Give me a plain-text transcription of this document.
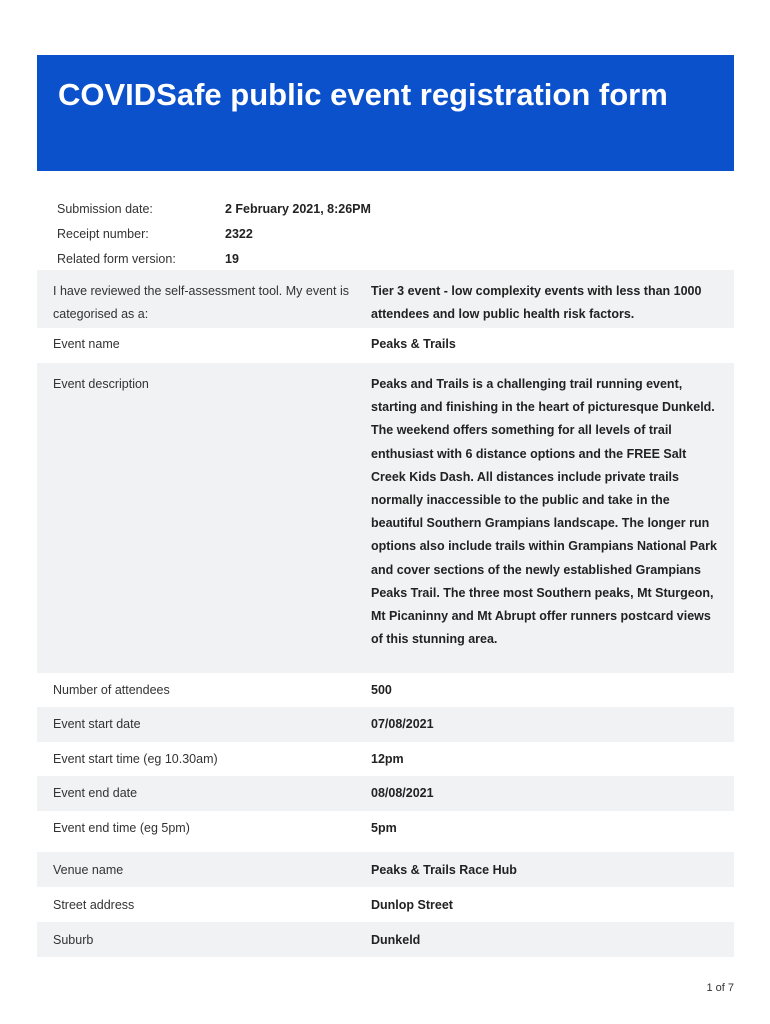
COVIDSafe public event registration form
Submission date:	2 February 2021, 8:26PM
Receipt number:	2322
Related form version:	19
I have reviewed the self-assessment tool. My event is categorised as a:
Tier 3 event - low complexity events with less than 1000 attendees and low public health risk factors.
Event name	Peaks & Trails
Event description	Peaks and Trails is a challenging trail running event, starting and finishing in the heart of picturesque Dunkeld. The weekend offers something for all levels of trail enthusiast with 6 distance options and the FREE Salt Creek Kids Dash. All distances include private trails normally inaccessible to the public and take in the beautiful Southern Grampians landscape. The longer run options also include trails within Grampians National Park and cover sections of the newly established Grampians Peaks Trail. The three most Southern peaks, Mt Sturgeon, Mt Picaninny and Mt Abrupt offer runners postcard views of this stunning area.
Number of attendees	500
Event start date	07/08/2021
Event start time (eg 10.30am)	12pm
Event end date	08/08/2021
Event end time (eg 5pm)	5pm
Venue name	Peaks & Trails Race Hub
Street address	Dunlop Street
Suburb	Dunkeld
1 of 7
